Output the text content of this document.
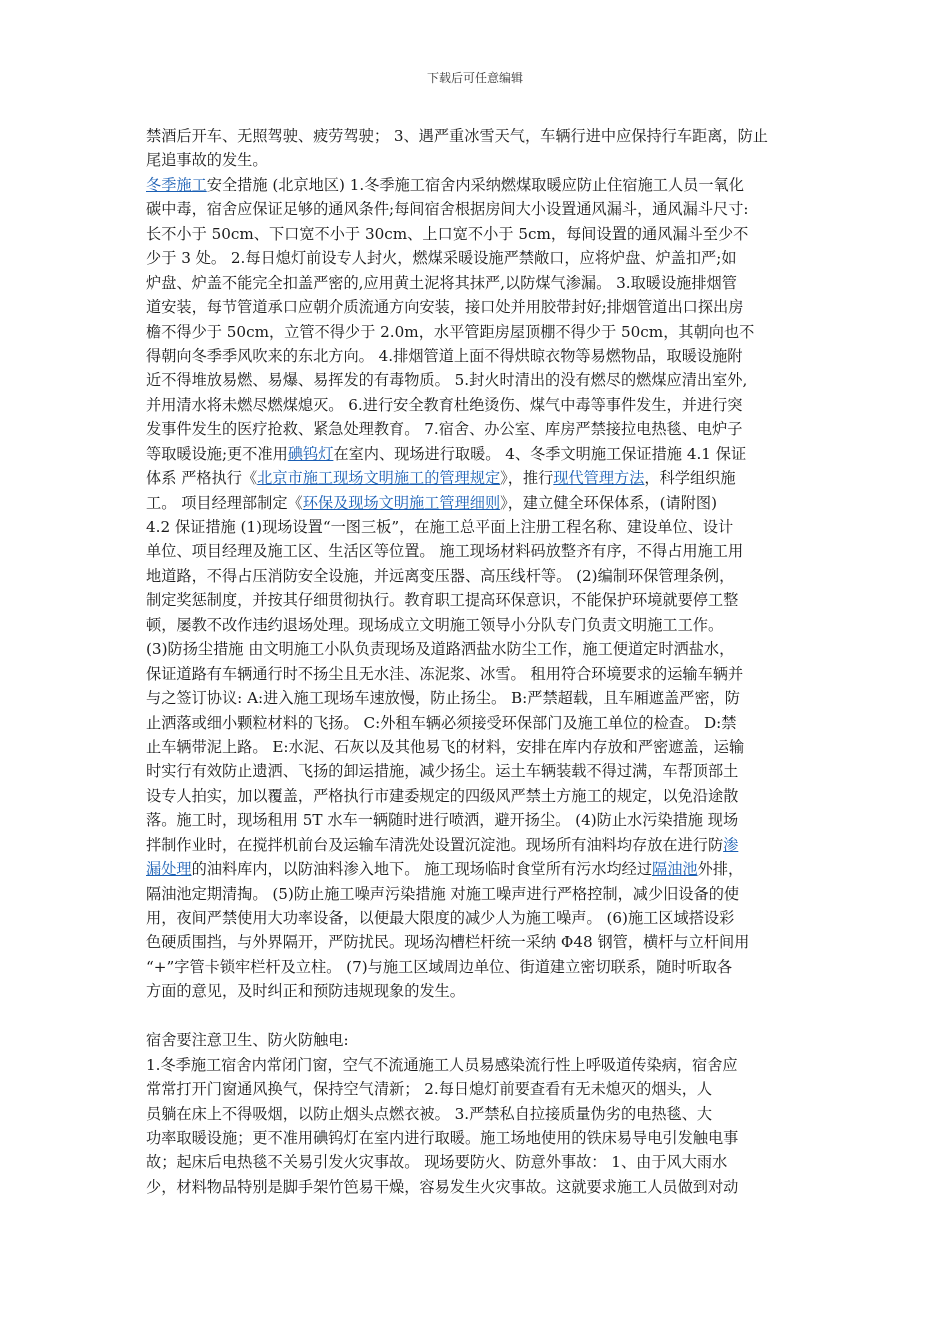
下载后可任意编辑
禁酒后开车、无照驾驶、疲劳驾驶； 3、遇严重冰雪天气，车辆行进中应保持行车距离，防止
尾追事故的发生。
冬季施工安全措施 (北京地区) 1.冬季施工宿舍内采纳燃煤取暖应防止住宿施工人员一氧化
碳中毒，宿舍应保证足够的通风条件;每间宿舍根据房间大小设置通风漏斗，通风漏斗尺寸:
长不小于 50cm、下口宽不小于 30cm、上口宽不小于 5cm，每间设置的通风漏斗至少不
少于 3 处。 2.每日熄灯前设专人封火，燃煤采暖设施严禁敞口，应将炉盘、炉盖扣严;如
炉盘、炉盖不能完全扣盖严密的,应用黄土泥将其抹严,以防煤气渗漏。 3.取暖设施排烟管
道安装，每节管道承口应朝介质流通方向安装，接口处并用胶带封好;排烟管道出口探出房
檐不得少于 50cm，立管不得少于 2.0m，水平管距房屋顶棚不得少于 50cm，其朝向也不
得朝向冬季季风吹来的东北方向。 4.排烟管道上面不得烘晾衣物等易燃物品，取暖设施附
近不得堆放易燃、易爆、易挥发的有毒物质。 5.封火时清出的没有燃尽的燃煤应清出室外,
并用清水将未燃尽燃煤熄灭。 6.进行安全教育杜绝烫伤、煤气中毒等事件发生，并进行突
发事件发生的医疗抢救、紧急处理教育。 7.宿舍、办公室、库房严禁接拉电热毯、电炉子
等取暖设施;更不准用碘钨灯在室内、现场进行取暖。 4、冬季文明施工保证措施 4.1 保证
体系 严格执行《北京市施工现场文明施工的管理规定》，推行现代管理方法，科学组织施
工。 项目经理部制定《环保及现场文明施工管理细则》，建立健全环保体系，(请附图)
4.2 保证措施 (1)现场设置“一图三板”，在施工总平面上注册工程名称、建设单位、设计
单位、项目经理及施工区、生活区等位置。 施工现场材料码放整齐有序，不得占用施工用
地道路，不得占压消防安全设施，并远离变压器、高压线杆等。 (2)编制环保管理条例，
制定奖惩制度，并按其仔细贯彻执行。教育职工提高环保意识，不能保护环境就要停工整
顿，屡教不改作违约退场处理。现场成立文明施工领导小分队专门负责文明施工工作。
(3)防扬尘措施 由文明施工小队负责现场及道路洒盐水防尘工作，施工便道定时洒盐水，
保证道路有车辆通行时不扬尘且无水洼、冻泥浆、冰雪。 租用符合环境要求的运输车辆并
与之签订协议: A:进入施工现场车速放慢，防止扬尘。 B:严禁超载，且车厢遮盖严密，防
止洒落或细小颗粒材料的飞扬。 C:外租车辆必须接受环保部门及施工单位的检查。 D:禁
止车辆带泥上路。 E:水泥、石灰以及其他易飞的材料，安排在库内存放和严密遮盖，运输
时实行有效防止遗洒、飞扬的卸运措施，减少扬尘。运土车辆装载不得过满，车帮顶部土
设专人拍实，加以覆盖，严格执行市建委规定的四级风严禁土方施工的规定，以免沿途散
落。施工时，现场租用 5T 水车一辆随时进行喷洒，避开扬尘。 (4)防止水污染措施 现场
拌制作业时，在搅拌机前台及运输车清洗处设置沉淀池。现场所有油料均存放在进行防渗
漏处理的油料库内，以防油料渗入地下。 施工现场临时食堂所有污水均经过隔油池外排，
隔油池定期清掏。 (5)防止施工噪声污染措施 对施工噪声进行严格控制，减少旧设备的使
用，夜间严禁使用大功率设备，以便最大限度的减少人为施工噪声。 (6)施工区域搭设彩
色硬质围挡，与外界隔开，严防扰民。现场沟槽栏杆统一采纳 Φ48 钢管，横杆与立杆间用
“+”字管卡锁牢栏杆及立柱。 (7)与施工区域周边单位、街道建立密切联系，随时听取各
方面的意见，及时纠正和预防违规现象的发生。
宿舍要注意卫生、防火防触电:
1.冬季施工宿舍内常闭门窗，空气不流通施工人员易感染流行性上呼吸道传染病，宿舍应
常常打开门窗通风换气，保持空气清新； 2.每日熄灯前要查看有无未熄灭的烟头，人
员躺在床上不得吸烟，以防止烟头点燃衣被。 3.严禁私自拉接质量伪劣的电热毯、大
功率取暖设施；更不准用碘钨灯在室内进行取暖。施工场地使用的铁床易导电引发触电事
故；起床后电热毯不关易引发火灾事故。 现场要防火、防意外事故： 1、由于风大雨水
少，材料物品特别是脚手架竹笆易干燥，容易发生火灾事故。这就要求施工人员做到对动
